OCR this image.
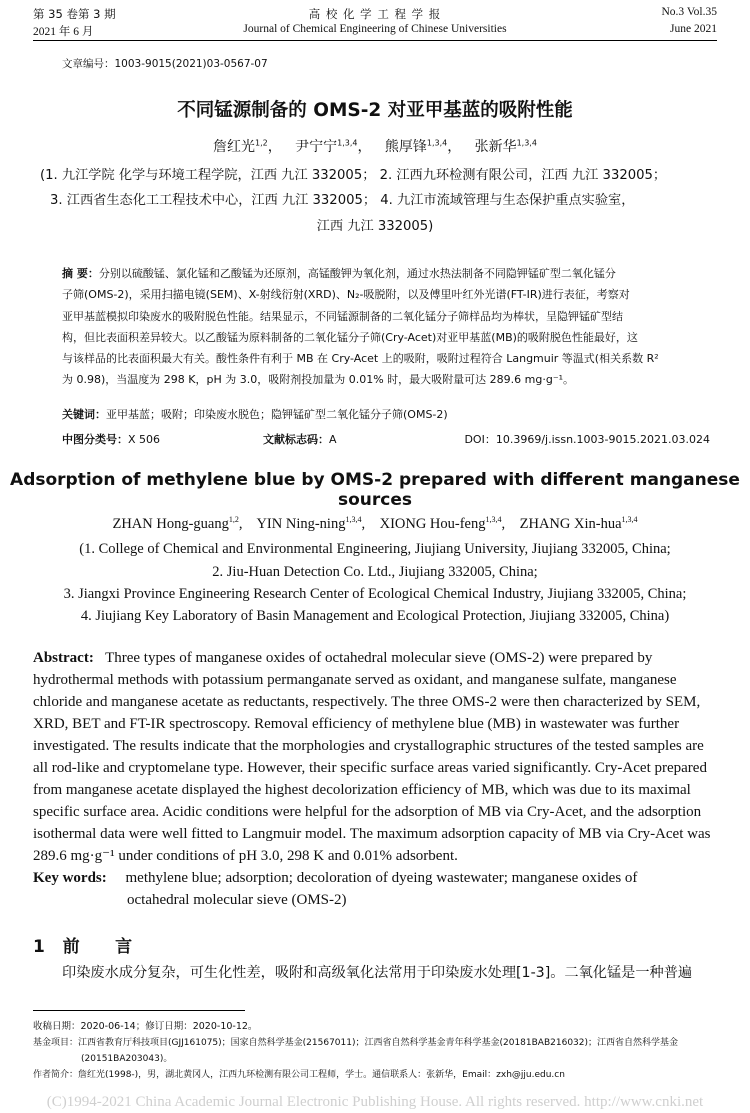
第 35 卷第 3 期
2021 年 6 月
高 校 化 学 工 程 学 报
Journal of Chemical Engineering of Chinese Universities
No.3 Vol.35
June 2021
文章编号：1003-9015(2021)03-0567-07
不同锰源制备的 OMS-2 对亚甲基蓝的吸附性能
詹红光$^{1,2}$， 尹宁宁$^{1,3,4}$， 熊厚锋$^{1,3,4}$， 张新华$^{1,3,4}$
(1. 九江学院 化学与环境工程学院，江西 九江 332005； 2. 江西九环检测有限公司，江西 九江 332005；
3. 江西省生态化工工程技术中心，江西 九江 332005； 4. 九江市流域管理与生态保护重点实验室，
江西 九江 332005)
摘 要：分别以硫酸锰、氯化锰和乙酸锰为还原剂，高锰酸钾为氧化剂，通过水热法制备不同隐钾锰矿型二氧化锰分
子筛(OMS-2)，采用扫描电镜(SEM)、X-射线衍射(XRD)、N₂-吸脱附，以及傅里叶红外光谱(FT-IR)进行表征，考察对
亚甲基蓝模拟印染废水的吸附脱色性能。结果显示，不同锰源制备的二氧化锰分子筛样品均为棒状，呈隐钾锰矿型结
构，但比表面积差异较大。以乙酸锰为原料制备的二氧化锰分子筛(Cry-Acet)对亚甲基蓝(MB)的吸附脱色性能最好，这
与该样品的比表面积最大有关。酸性条件有利于 MB 在 Cry-Acet 上的吸附，吸附过程符合 Langmuir 等温式(相关系数 R²
为 0.98)，当温度为 298 K，pH 为 3.0，吸附剂投加量为 0.01% 时，最大吸附量可达 289.6 mg·g⁻¹。
关键词：亚甲基蓝；吸附；印染废水脱色；隐钾锰矿型二氧化锰分子筛(OMS-2)
中图分类号：X 506	文献标志码：A	DOI：10.3969/j.issn.1003-9015.2021.03.024
Adsorption of methylene blue by OMS-2 prepared with different manganese sources
ZHAN Hong-guang$^{1,2}$,    YIN Ning-ning$^{1,3,4}$,    XIONG Hou-feng$^{1,3,4}$,    ZHANG Xin-hua$^{1,3,4}$
(1. College of Chemical and Environmental Engineering, Jiujiang University, Jiujiang 332005, China;
2. Jiu-Huan Detection Co. Ltd., Jiujiang 332005, China;
3. Jiangxi Province Engineering Research Center of Ecological Chemical Industry, Jiujiang 332005, China;
4. Jiujiang Key Laboratory of Basin Management and Ecological Protection, Jiujiang 332005, China)
Abstract: Three types of manganese oxides of octahedral molecular sieve (OMS-2) were prepared by
hydrothermal methods with potassium permanganate served as oxidant, and manganese sulfate, manganese
chloride and manganese acetate as reductants, respectively. The three OMS-2 were then characterized by SEM,
XRD, BET and FT-IR spectroscopy. Removal efficiency of methylene blue (MB) in wastewater was further
investigated. The results indicate that the morphologies and crystallographic structures of the tested samples are
all rod-like and cryptomelane type. However, their specific surface areas varied significantly. Cry-Acet prepared
from manganese acetate displayed the highest decolorization efficiency of MB, which was due to its maximal
specific surface area. Acidic conditions were helpful for the adsorption of MB via Cry-Acet, and the adsorption
isothermal data were well fitted to Langmuir model. The maximum adsorption capacity of MB via Cry-Acet was
289.6 mg·g⁻¹ under conditions of pH 3.0, 298 K and 0.01% adsorbent.
Key words: methylene blue; adsorption; decoloration of dyeing wastewater; manganese oxides of
octahedral molecular sieve (OMS-2)
1 前      言
印染废水成分复杂，可生化性差，吸附和高级氧化法常用于印染废水处理[1-3]。二氧化锰是一种普遍
收稿日期：2020-06-14；修订日期：2020-10-12。
基金项目：江西省教育厅科技项目(GJJ161075)；国家自然科学基金(21567011)；江西省自然科学基金青年科学基金(20181BAB216032)；江西省自然科学基金
(20151BA203043)。
作者简介：詹红光(1998-)，男，湖北黄冈人，江西九环检测有限公司工程师，学士。通信联系人：张新华，Email：zxh@jju.edu.cn
(C)1994-2021 China Academic Journal Electronic Publishing House. All rights reserved. http://www.cnki.net
